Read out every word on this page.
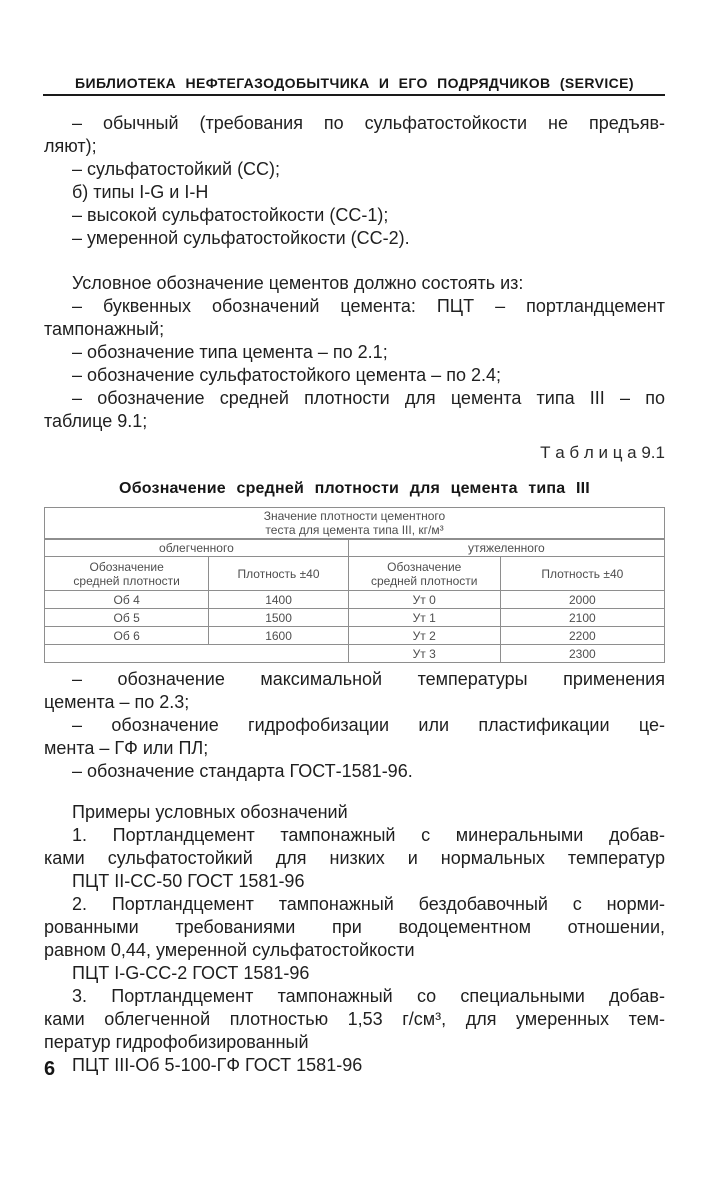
БИБЛИОТЕКА НЕФТЕГАЗОДОБЫТЧИКА И ЕГО ПОДРЯДЧИКОВ (SERVICE)
– обычный (требования по сульфатостойкости не предъяв-
ляют);
– сульфатостойкий (СС);
б) типы I-G и I-H
– высокой сульфатостойкости (СС-1);
– умеренной сульфатостойкости (СС-2).
Условное обозначение цементов должно состоять из:
– буквенных обозначений цемента: ПЦТ – портландцемент
тампонажный;
– обозначение типа цемента – по 2.1;
– обозначение сульфатостойкого цемента – по 2.4;
– обозначение средней плотности для цемента типа III – по
таблице 9.1;
Т а б л и ц а 9.1
Обозначение средней плотности для цемента типа III
Значение плотности цементного
теста для цемента типа III, кг/м³			

облегченного		утяжеленного	

Обозначение
средней плотности	Плотность ±40	Обозначение
средней плотности	Плотность ±40

Об 4	1400	Ут 0	2000
Об 5	1500	Ут 1	2100
Об 6	1600	Ут 2	2200
		Ут 3	2300
– обозначение максимальной температуры применения
цемента – по 2.3;
– обозначение гидрофобизации или пластификации це-
мента – ГФ или ПЛ;
– обозначение стандарта ГОСТ-1581-96.
Примеры условных обозначений
1. Портландцемент тампонажный с минеральными добав-
ками сульфатостойкий для низких и нормальных температур
ПЦТ II-СС-50 ГОСТ 1581-96
2. Портландцемент тампонажный бездобавочный с норми-
рованными требованиями при водоцементном отношении,
равном 0,44, умеренной сульфатостойкости
ПЦТ I-G-СС-2 ГОСТ 1581-96
3. Портландцемент тампонажный со специальными добав-
ками облегченной плотностью 1,53 г/см³, для умеренных тем-
ператур гидрофобизированный
ПЦТ III-Об 5-100-ГФ ГОСТ 1581-96
6
